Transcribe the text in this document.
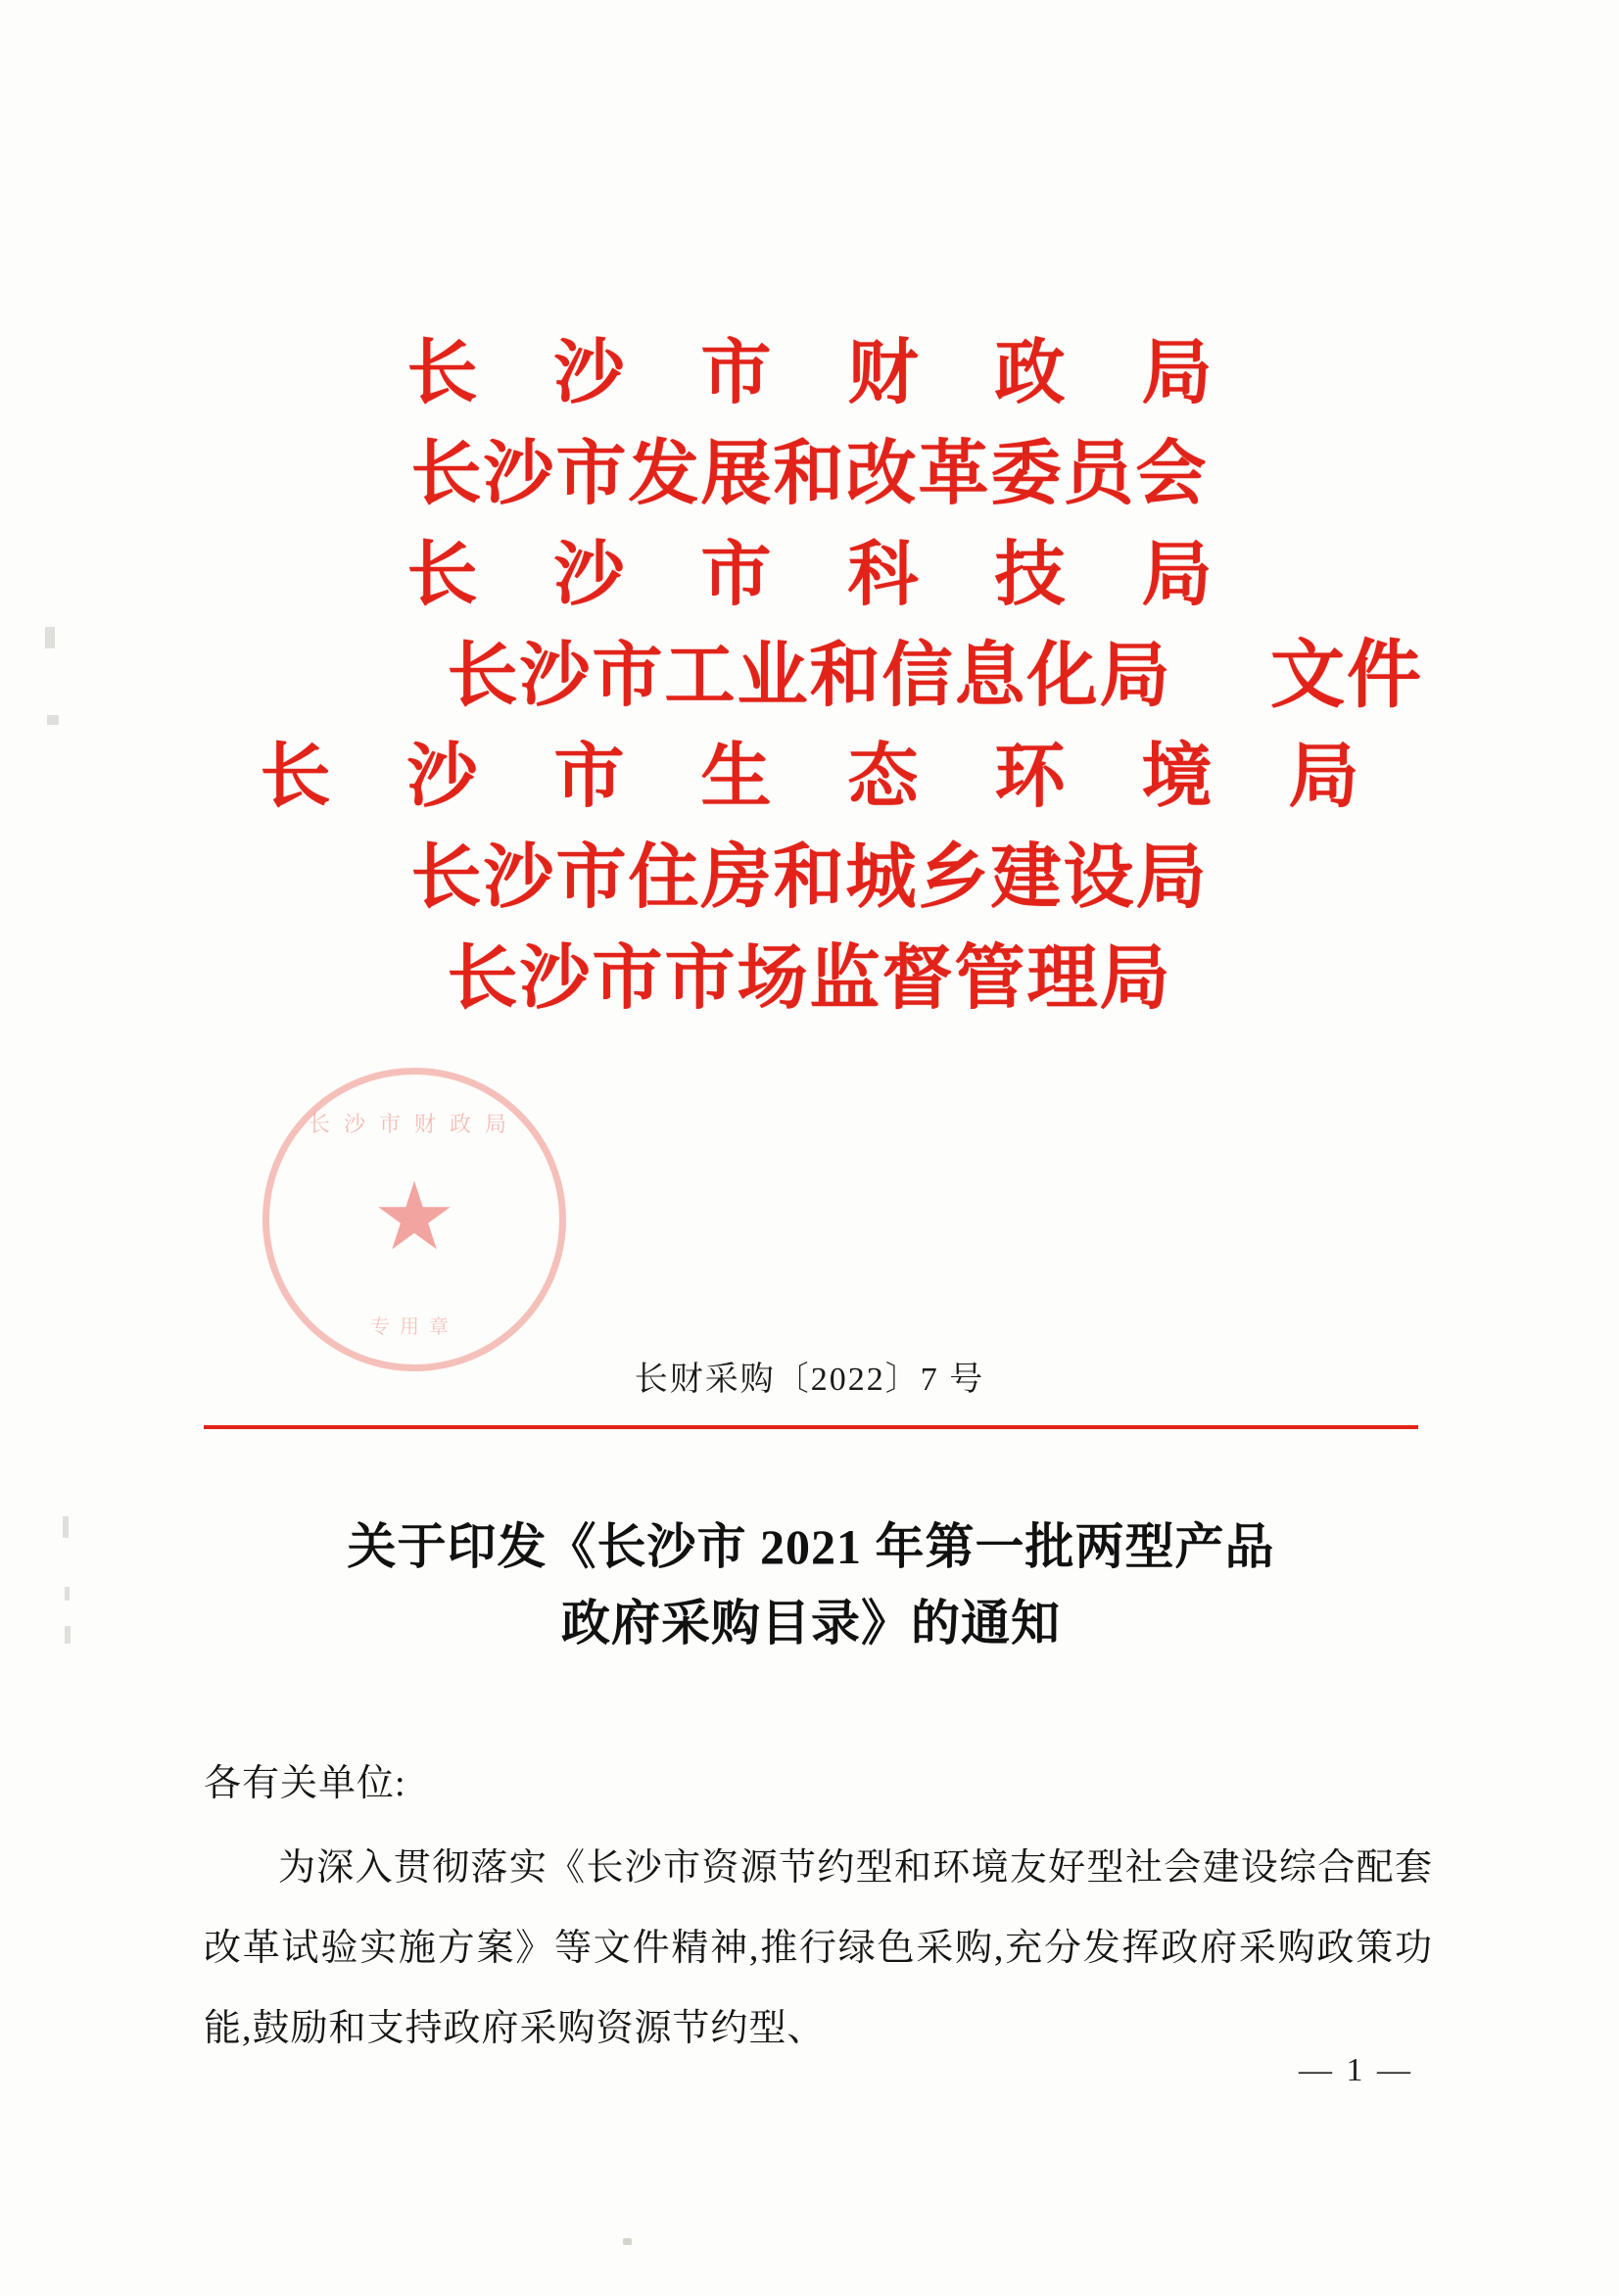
长 沙 市 财 政 局
长沙市发展和改革委员会
长 沙 市 科 技 局
长沙市工业和信息化局 文件
长 沙 市 生 态 环 境 局
长沙市住房和城乡建设局
长沙市市场监督管理局
长沙市财政局
★
专用章
长财采购〔2022〕7 号
关于印发《长沙市 2021 年第一批两型产品
政府采购目录》的通知

各有关单位:

为深入贯彻落实《长沙市资源节约型和环境友好型社会建设综合配套改革试验实施方案》等文件精神,推行绿色采购,充分发挥政府采购政策功能,鼓励和支持政府采购资源节约型、

— 1 —
